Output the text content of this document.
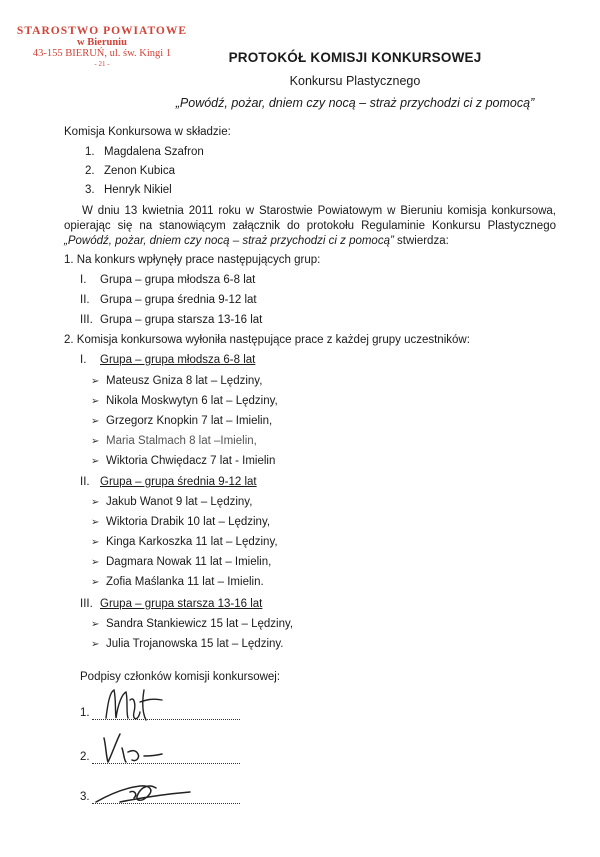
STAROSTWO POWIATOWE
w Bieruniu
43-155 BIERUŃ, ul. św. Kingi 1
- 21 -	PROTOKÓŁ KOMISJI KONKURSOWEJ
Konkursu Plastycznego
„Powódź, pożar, dniem czy nocą – straż przychodzi ci z pomocą”
Komisja Konkursowa w składzie:
1. Magdalena Szafron
2. Zenon Kubica
3. Henryk Nikiel
W dniu 13 kwietnia 2011 roku w Starostwie Powiatowym w Bieruniu komisja konkursowa, opierając się na stanowiącym załącznik do protokołu Regulaminie Konkursu Plastycznego „Powódź, pożar, dniem czy nocą – straż przychodzi ci z pomocą” stwierdza:
1. Na konkurs wpłynęły prace następujących grup:
I. Grupa – grupa młodsza 6-8 lat
II. Grupa – grupa średnia 9-12 lat
III. Grupa – grupa starsza 13-16 lat
2. Komisja konkursowa wyłoniła następujące prace z każdej grupy uczestników:
I. Grupa – grupa młodsza 6-8 lat
➢ Mateusz Gniza 8 lat – Lędziny,
➢ Nikola Moskwytyn 6 lat – Lędziny,
➢ Grzegorz Knopkin 7 lat – Imielin,
➢ Maria Stalmach 8 lat –Imielin,
➢ Wiktoria Chwiędacz 7 lat - Imielin
II. Grupa – grupa średnia 9-12 lat
➢ Jakub Wanot 9 lat – Lędziny,
➢ Wiktoria Drabik 10 lat – Lędziny,
➢ Kinga Karkoszka 11 lat – Lędziny,
➢ Dagmara Nowak 11 lat – Imielin,
➢ Zofia Maślanka 11 lat – Imielin.
III. Grupa – grupa starsza 13-16 lat
➢ Sandra Stankiewicz 15 lat – Lędziny,
➢ Julia Trojanowska 15 lat – Lędziny.
Podpisy członków komisji konkursowej:
1.
2.
3.
